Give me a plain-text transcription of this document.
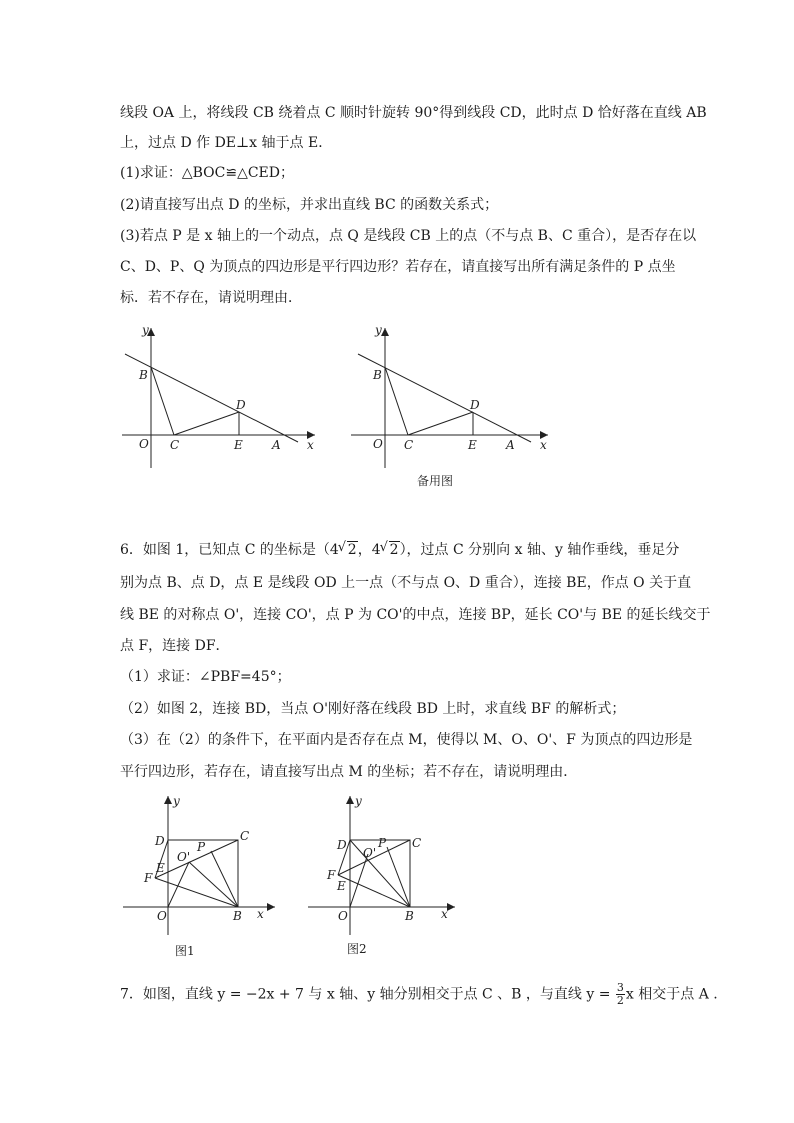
线段 OA 上，将线段 CB 绕着点 C 顺时针旋转 90°得到线段 CD，此时点 D 恰好落在直线 AB
上，过点 D 作 DE⊥x 轴于点 E．
(1)求证：△BOC≌△CED；
(2)请直接写出点 D 的坐标，并求出直线 BC 的函数关系式；
(3)若点 P 是 x 轴上的一个动点，点 Q 是线段 CB 上的点（不与点 B、C 重合），是否存在以
C、D、P、Q 为顶点的四边形是平行四边形？若存在，请直接写出所有满足条件的 P 点坐
标．若不存在，请说明理由．
y
x
O
B
C
D
E A
y
x
O
B
C
D
E A
备用图
6．如图 1，已知点 C 的坐标是（4 √ 2，4 √ 2），过点 C 分别向 x 轴、y 轴作垂线，垂足分
别为点 B、点 D，点 E 是线段 OD 上一点（不与点 O、D 重合），连接 BE，作点 O 关于直
线 BE 的对称点 O'，连接 CO'，点 P 为 CO'的中点，连接 BP，延长 CO'与 BE 的延长线交于
点 F，连接 DF．
（1）求证：∠PBF=45°；
（2）如图 2，连接 BD，当点 O'刚好落在线段 BD 上时，求直线 BF 的解析式；
（3）在（2）的条件下，在平面内是否存在点 M，使得以 M、O、O'、F 为顶点的四边形是
平行四边形，若存在，请直接写出点 M 的坐标；若不存在，请说明理由．
y
x
O	B
C
D
E
F
P
O'
图1
y
x
O	B
C
D
E
F
P
O'
图2
7．如图，直线 y = −2x + 7 与 x 轴、y 轴分别相交于点 C 、B ，与直线 $y = \frac{3}{2}$ x 相交于点 A .
